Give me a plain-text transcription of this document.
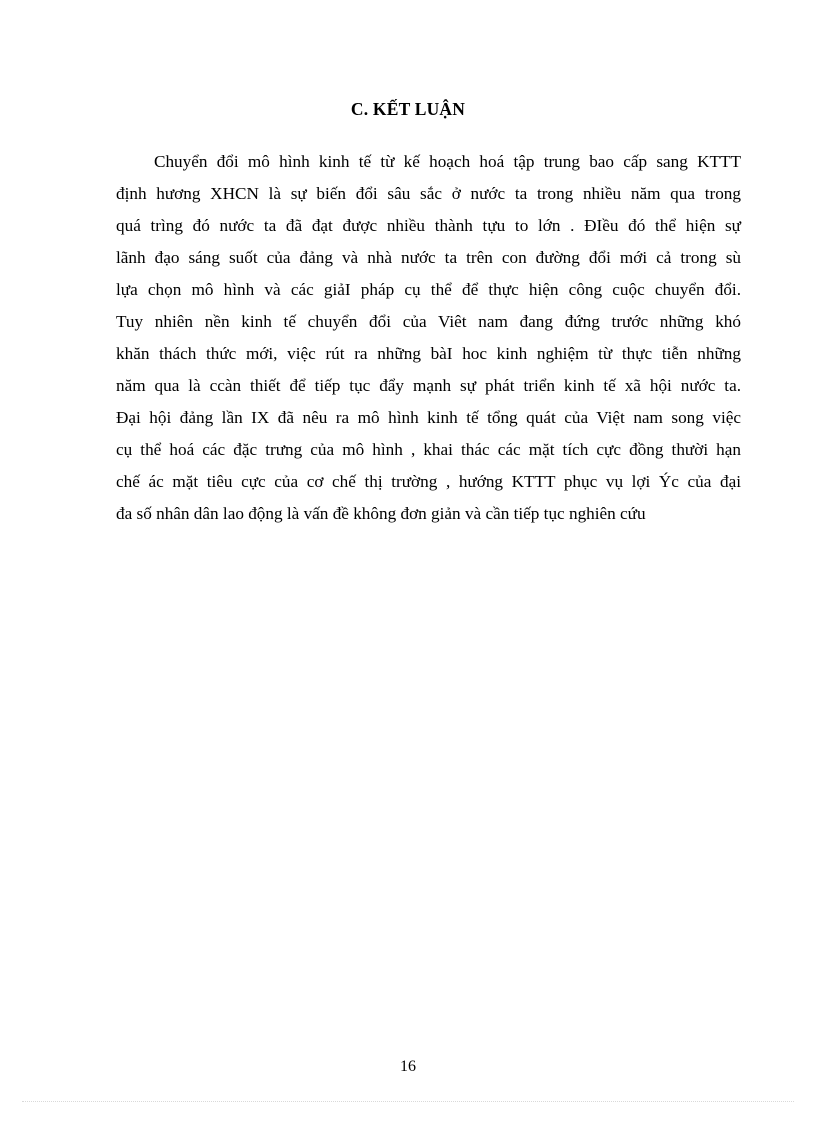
C. KẾT LUẬN
Chuyển đổi mô hình kinh tế từ kế hoạch hoá tập trung bao cấp sang KTTT
định hương XHCN là sự biến đổi sâu sắc ở nước ta trong nhiều năm qua trong
quá trìng đó nước ta đã đạt được nhiều thành tựu to lớn . ĐIều đó thể hiện sự
lãnh đạo sáng suốt của đảng và nhà nước ta trên con đường đổi mới cả trong sù
lựa chọn mô hình và các giảI pháp cụ thể để thực hiện công cuộc chuyển đổi.
Tuy nhiên nền kinh tế chuyển đổi của Viêt nam đang đứng trước những khó
khăn thách thức mới, việc rút ra những bàI hoc kinh nghiệm từ thực tiễn những
năm qua là ccàn thiết để tiếp tục đẩy mạnh sự phát triển kinh tế xã hội nước ta.
Đại hội đảng lần IX đã nêu ra mô hình kinh tế tổng quát của Việt nam song việc
cụ thể hoá các đặc trưng của mô hình , khai thác các mặt tích cực đồng thười hạn
chế ác mặt tiêu cực của cơ chế thị trường , hướng KTTT phục vụ lợi Ýc của đại
đa số nhân dân lao động là vấn đề không đơn giản và cần tiếp tục nghiên cứu
16
